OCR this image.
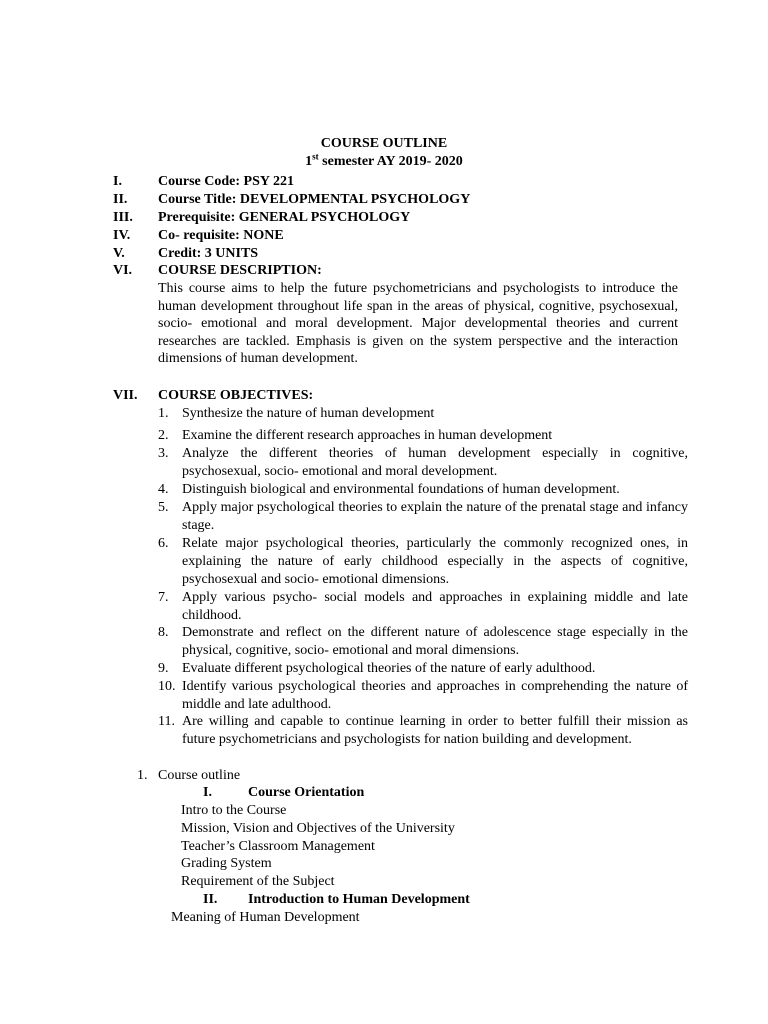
COURSE OUTLINE
1st semester AY 2019- 2020
I.	Course Code: PSY 221
II. Course Title: DEVELOPMENTAL PSYCHOLOGY
III. Prerequisite: GENERAL PSYCHOLOGY
IV. Co- requisite: NONE
V. Credit: 3 UNITS
VI. COURSE DESCRIPTION:
This course aims to help the future psychometricians and psychologists to introduce the human development throughout life span in the areas of physical, cognitive, psychosexual, socio- emotional and moral development. Major developmental theories and current researches are tackled. Emphasis is given on the system perspective and the interaction dimensions of human development.
VII. COURSE OBJECTIVES:
1. Synthesize the nature of human development
2. Examine the different research approaches in human development
3. Analyze the different theories of human development especially in cognitive, psychosexual, socio- emotional and moral development.
4. Distinguish biological and environmental foundations of human development.
5. Apply major psychological theories to explain the nature of the prenatal stage and infancy stage.
6. Relate major psychological theories, particularly the commonly recognized ones, in explaining the nature of early childhood especially in the aspects of cognitive, psychosexual and socio- emotional dimensions.
7. Apply various psycho- social models and approaches in explaining middle and late childhood.
8. Demonstrate and reflect on the different nature of adolescence stage especially in the physical, cognitive, socio- emotional and moral dimensions.
9. Evaluate different psychological theories of the nature of early adulthood.
10. Identify various psychological theories and approaches in comprehending the nature of middle and late adulthood.
11. Are willing and capable to continue learning in order to better fulfill their mission as future psychometricians and psychologists for nation building and development.
1. Course outline
I.	Course Orientation
Intro to the Course
Mission, Vision and Objectives of the University
Teacher’s Classroom Management
Grading System
Requirement of the Subject
II. Introduction to Human Development
Meaning of Human Development
